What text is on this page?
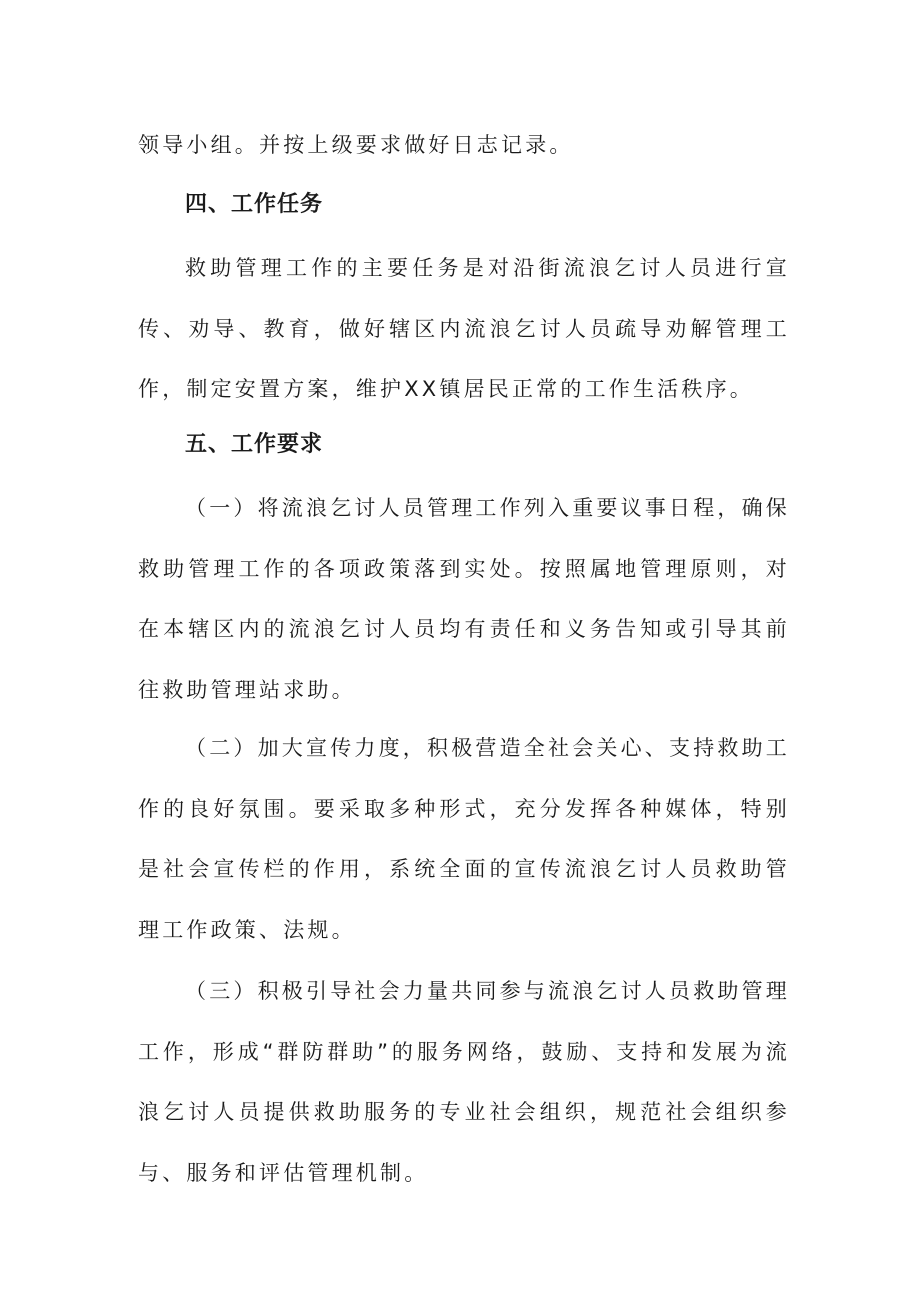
领导小组。并按上级要求做好日志记录。

四、工作任务

救助管理工作的主要任务是对沿街流浪乞讨人员进行宣传、劝导、教育，做好辖区内流浪乞讨人员疏导劝解管理工作，制定安置方案，维护XX镇居民正常的工作生活秩序。

五、工作要求

（一）将流浪乞讨人员管理工作列入重要议事日程，确保救助管理工作的各项政策落到实处。按照属地管理原则，对在本辖区内的流浪乞讨人员均有责任和义务告知或引导其前往救助管理站求助。

（二）加大宣传力度，积极营造全社会关心、支持救助工作的良好氛围。要采取多种形式，充分发挥各种媒体，特别是社会宣传栏的作用，系统全面的宣传流浪乞讨人员救助管理工作政策、法规。

（三）积极引导社会力量共同参与流浪乞讨人员救助管理工作，形成“群防群助”的服务网络，鼓励、支持和发展为流浪乞讨人员提供救助服务的专业社会组织，规范社会组织参与、服务和评估管理机制。
